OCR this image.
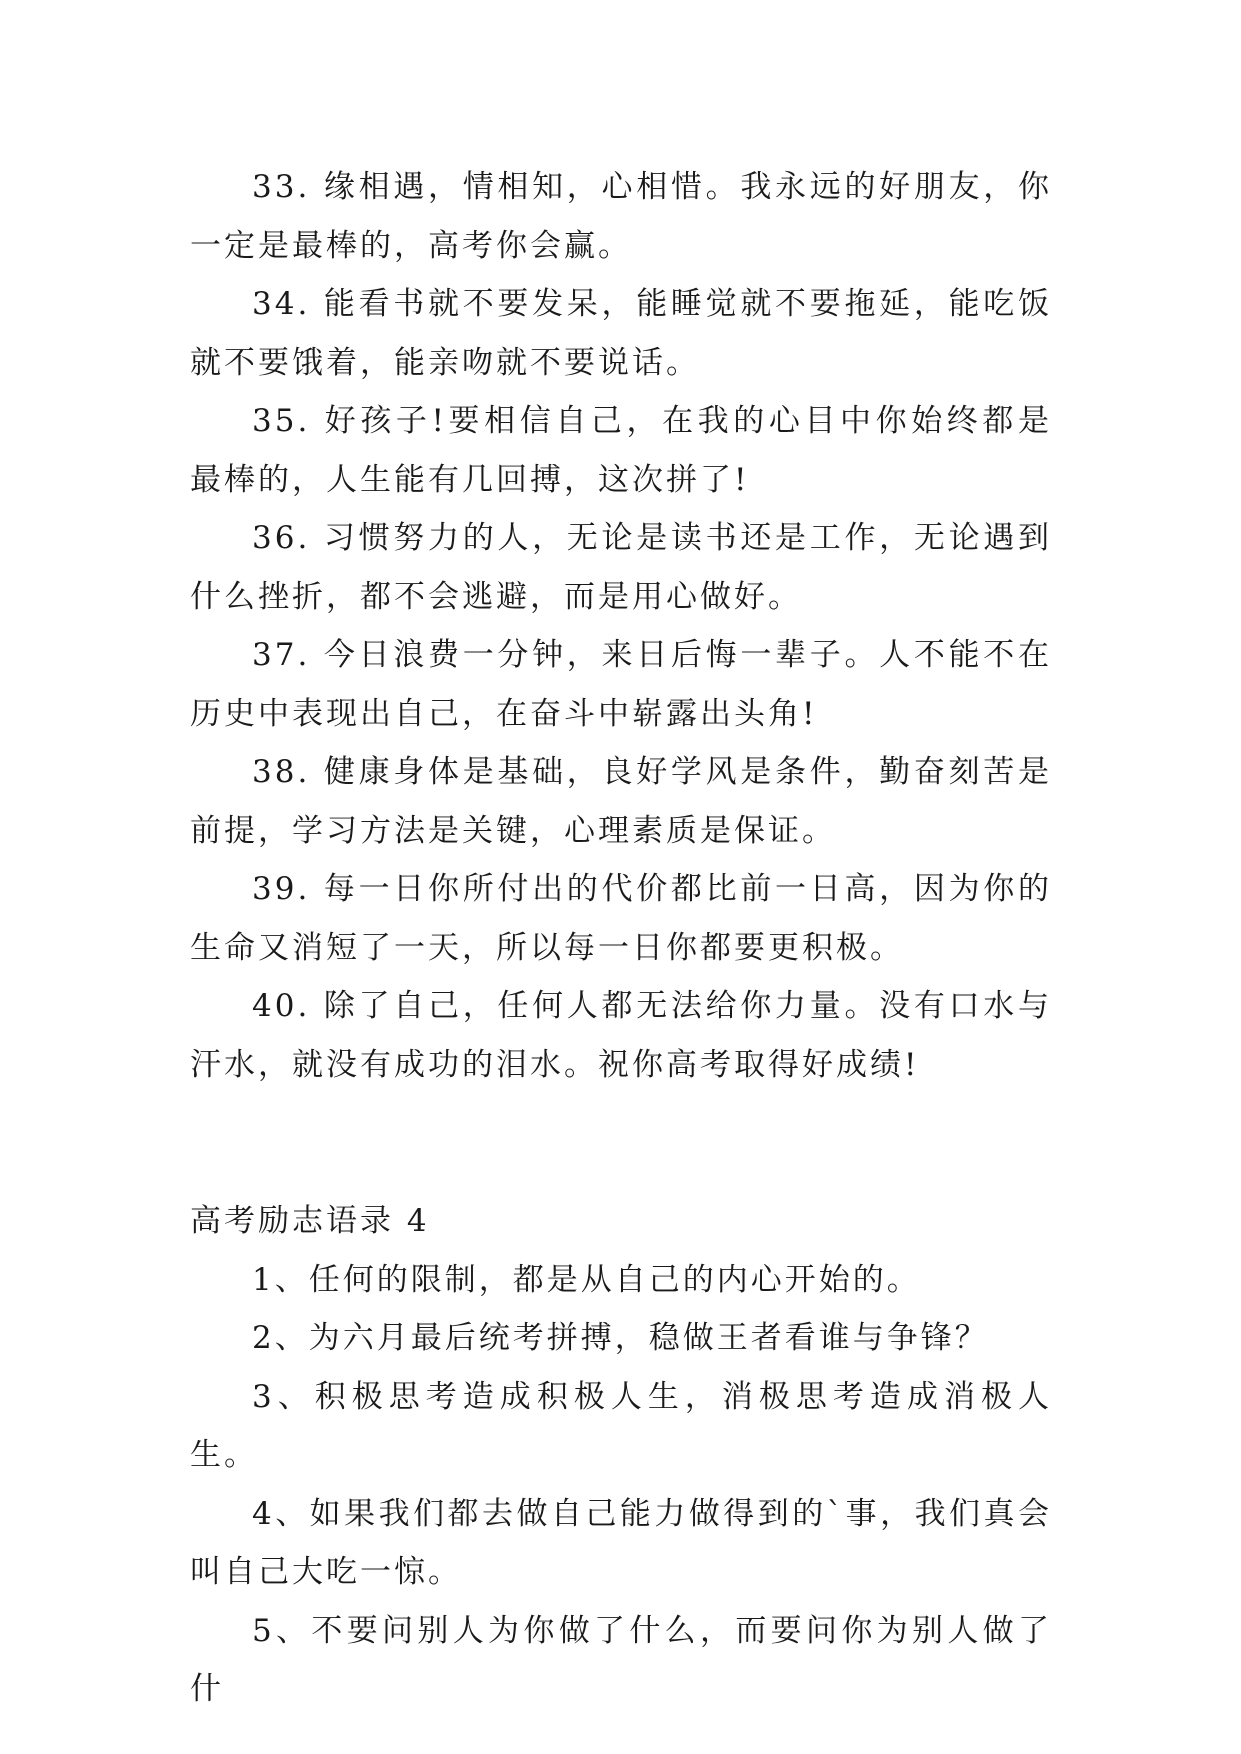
33. 缘相遇，情相知，心相惜。我永远的好朋友，你一定是最棒的，高考你会赢。

34. 能看书就不要发呆，能睡觉就不要拖延，能吃饭就不要饿着，能亲吻就不要说话。

35. 好孩子!要相信自己，在我的心目中你始终都是最棒的，人生能有几回搏，这次拼了!

36. 习惯努力的人，无论是读书还是工作，无论遇到什么挫折，都不会逃避，而是用心做好。

37. 今日浪费一分钟，来日后悔一辈子。人不能不在历史中表现出自己，在奋斗中崭露出头角!

38. 健康身体是基础，良好学风是条件，勤奋刻苦是前提，学习方法是关键，心理素质是保证。

39. 每一日你所付出的代价都比前一日高，因为你的生命又消短了一天，所以每一日你都要更积极。

40. 除了自己，任何人都无法给你力量。没有口水与汗水，就没有成功的泪水。祝你高考取得好成绩!

高考励志语录 4

1、任何的限制，都是从自己的内心开始的。

2、为六月最后统考拼搏，稳做王者看谁与争锋？

3、积极思考造成积极人生，消极思考造成消极人生。

4、如果我们都去做自己能力做得到的`事，我们真会叫自己大吃一惊。

5、不要问别人为你做了什么，而要问你为别人做了什
